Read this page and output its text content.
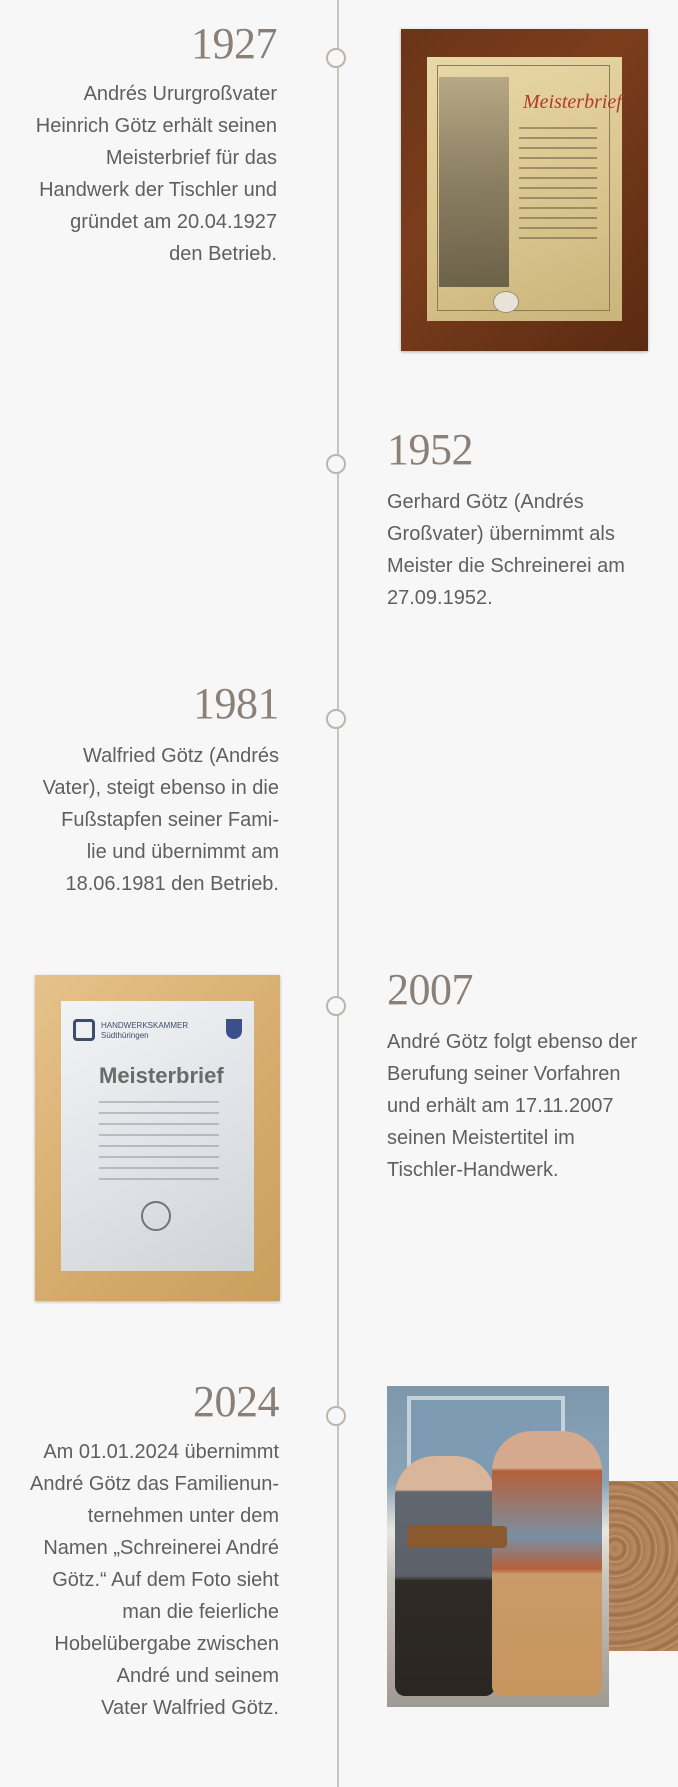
1927
Andrés Ururgroßvater
Heinrich Götz erhält seinen
Meisterbrief für das
Handwerk der Tischler und
gründet am 20.04.1927
den Betrieb.
Meisterbrief
1952
Gerhard Götz (Andrés
Großvater) übernimmt als
Meister die Schreinerei am
27.09.1952.
1981
Walfried Götz (Andrés
Vater), steigt ebenso in die
Fußstapfen seiner Fami-
lie und übernimmt am
18.06.1981 den Betrieb.
HANDWERKSKAMMER
Südthüringen
Meisterbrief
2007
André Götz folgt ebenso der
Berufung seiner Vorfahren
und erhält am 17.11.2007
seinen Meistertitel im
Tischler-Handwerk.
2024
Am 01.01.2024 übernimmt
André Götz das Familienun-
ternehmen unter dem
Namen „Schreinerei André
Götz.“ Auf dem Foto sieht
man die feierliche
Hobelübergabe zwischen
André und seinem
Vater Walfried Götz.
